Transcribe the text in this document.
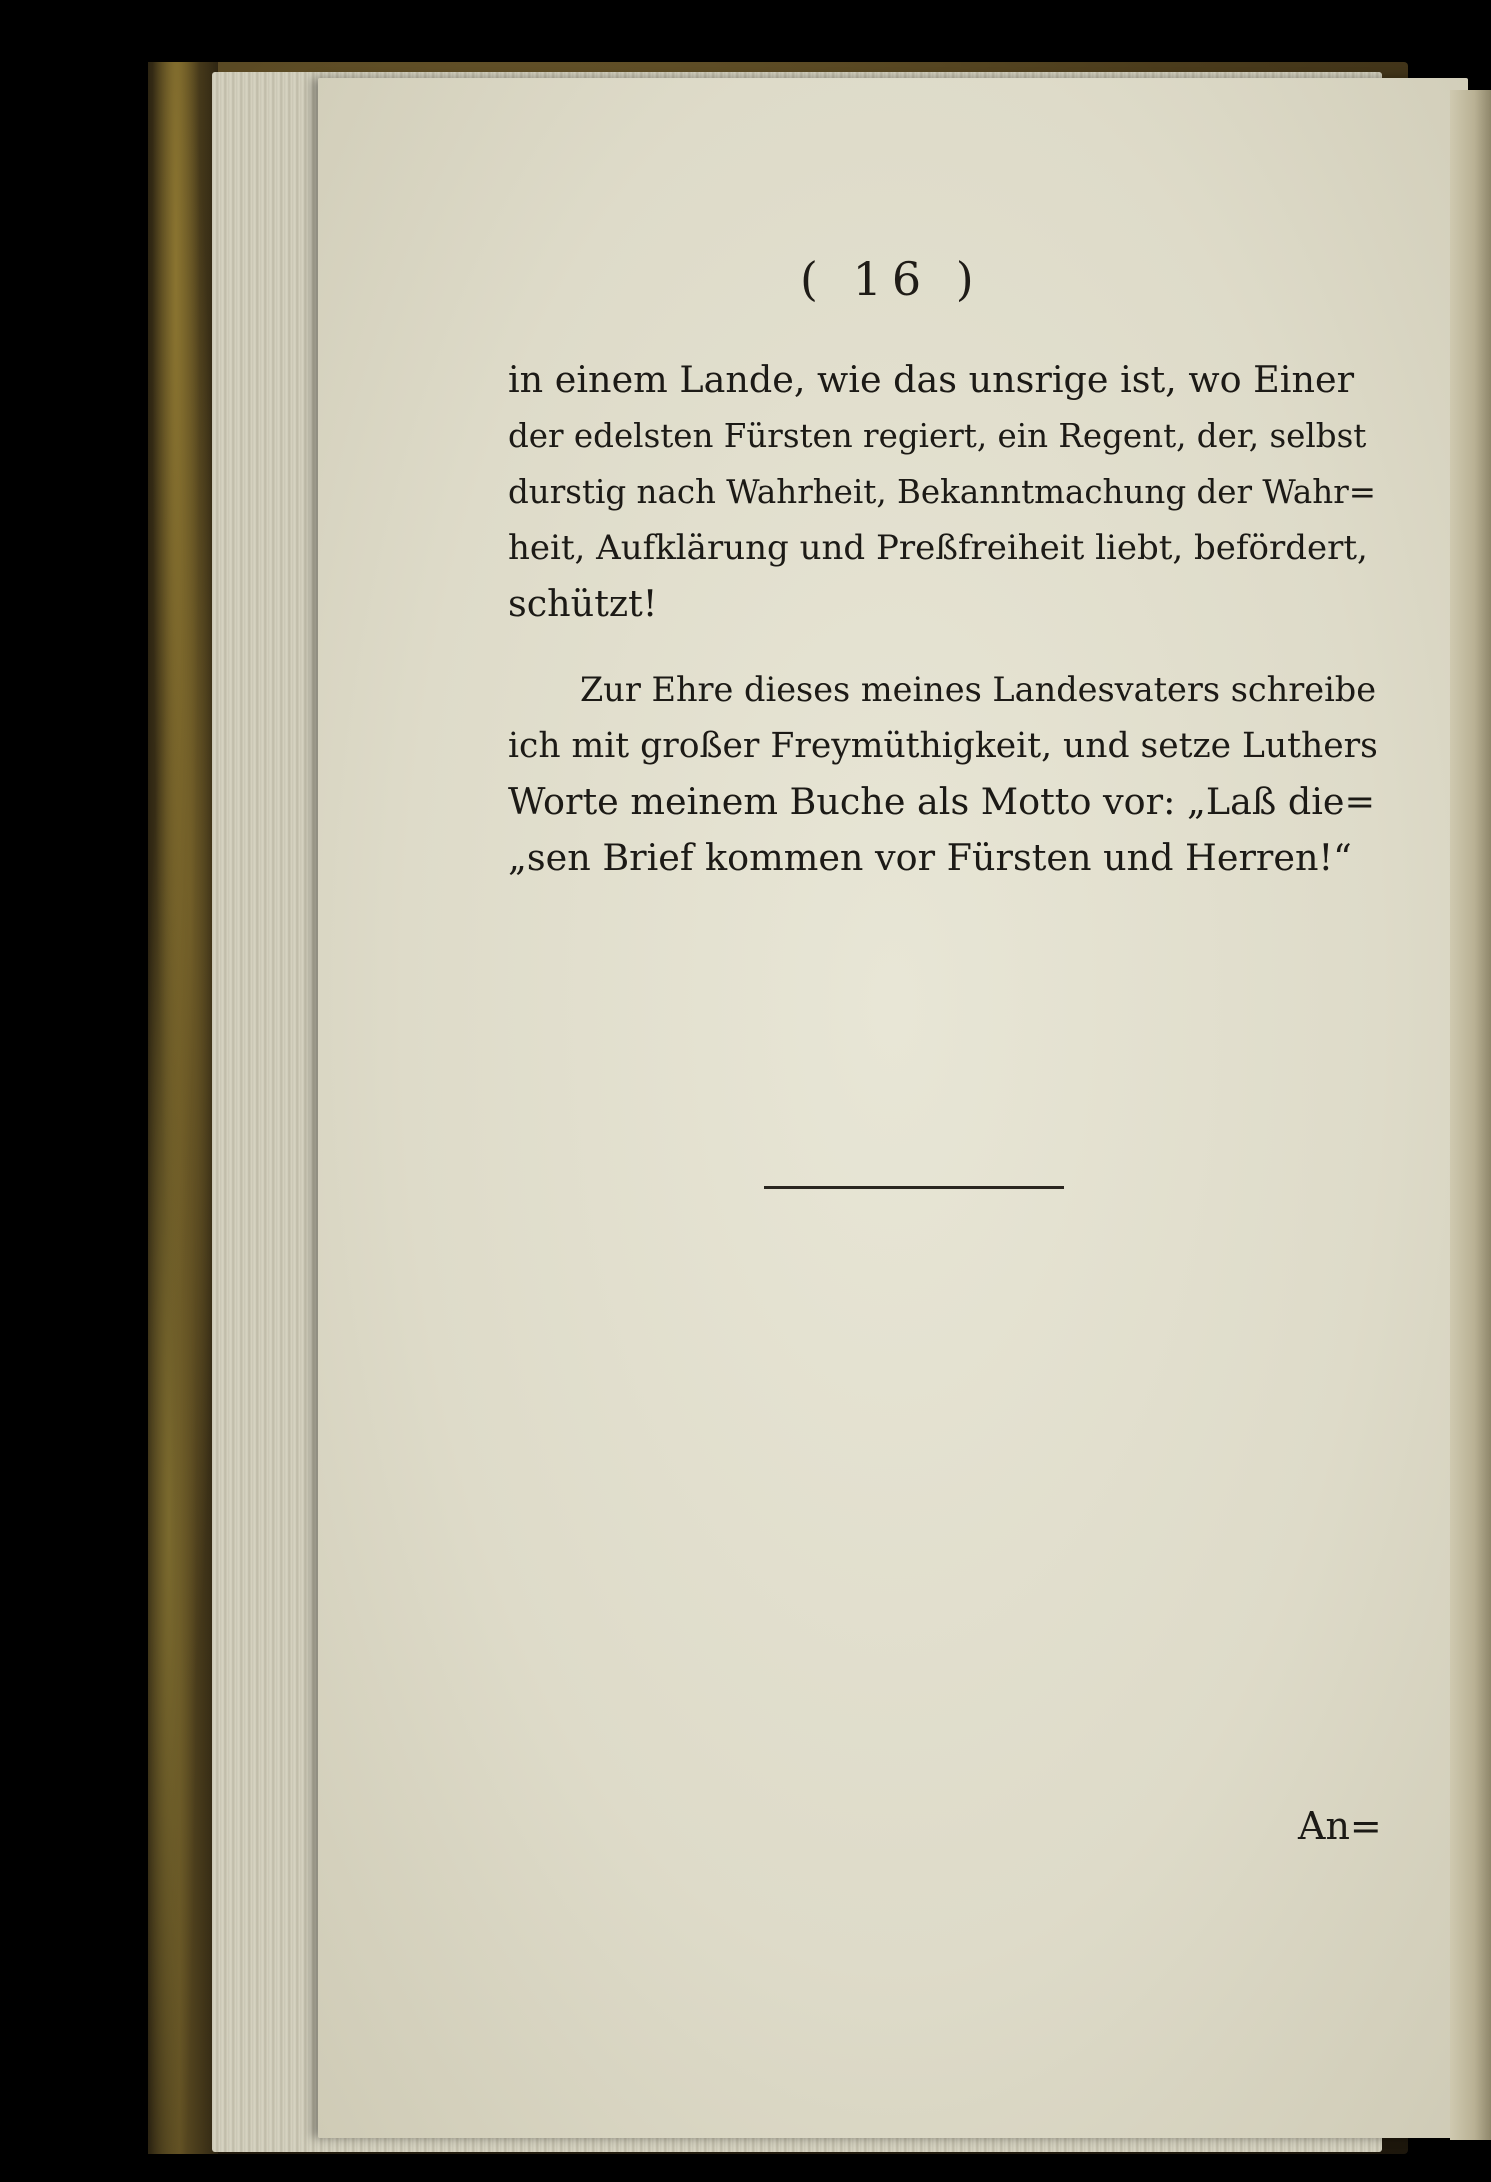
( 16 )
in einem Lande, wie das unsrige ist, wo Einer
der edelsten Fürsten regiert, ein Regent, der, selbst
durstig nach Wahrheit, Bekanntmachung der Wahr=
heit, Aufklärung und Preßfreiheit liebt, befördert,
schützt!
Zur Ehre dieses meines Landesvaters schreibe
ich mit großer Freymüthigkeit, und setze Luthers
Worte meinem Buche als Motto vor: „Laß die=
„sen Brief kommen vor Fürsten und Herren!“
An=
